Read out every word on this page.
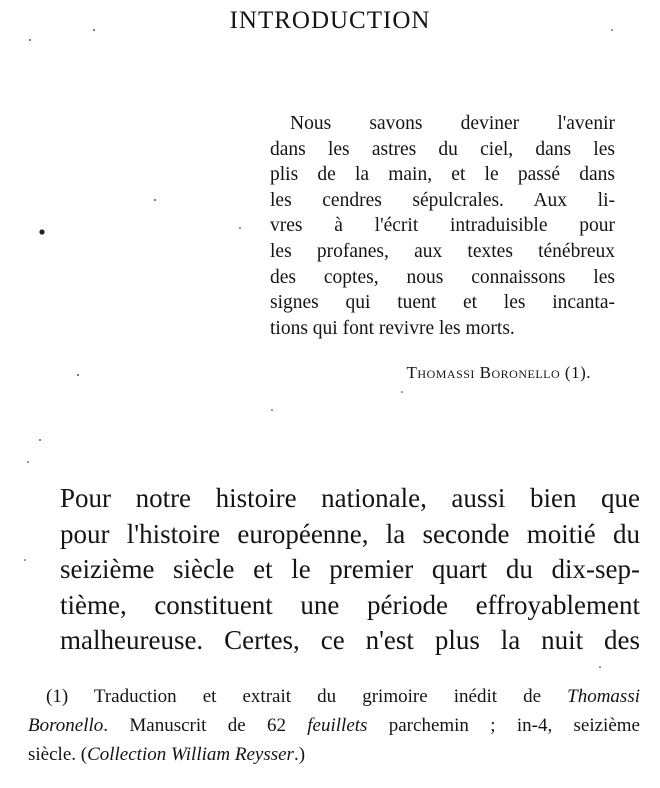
INTRODUCTION
Nous savons deviner l'avenir
dans les astres du ciel, dans les
plis de la main, et le passé dans
les cendres sépulcrales. Aux li-
vres à l'écrit intraduisible pour
les profanes, aux textes ténébreux
des coptes, nous connaissons les
signes qui tuent et les incanta-
tions qui font revivre les morts.
Thomassi Boronello (1).
Pour notre histoire nationale, aussi bien que
pour l'histoire européenne, la seconde moitié du
seizième siècle et le premier quart du dix-sep-
tième, constituent une période effroyablement
malheureuse. Certes, ce n'est plus la nuit des
(1) Traduction et extrait du grimoire inédit de Thomassi
Boronello. Manuscrit de 62 feuillets parchemin ; in-4, seizième
siècle. (Collection William Reysser.)
